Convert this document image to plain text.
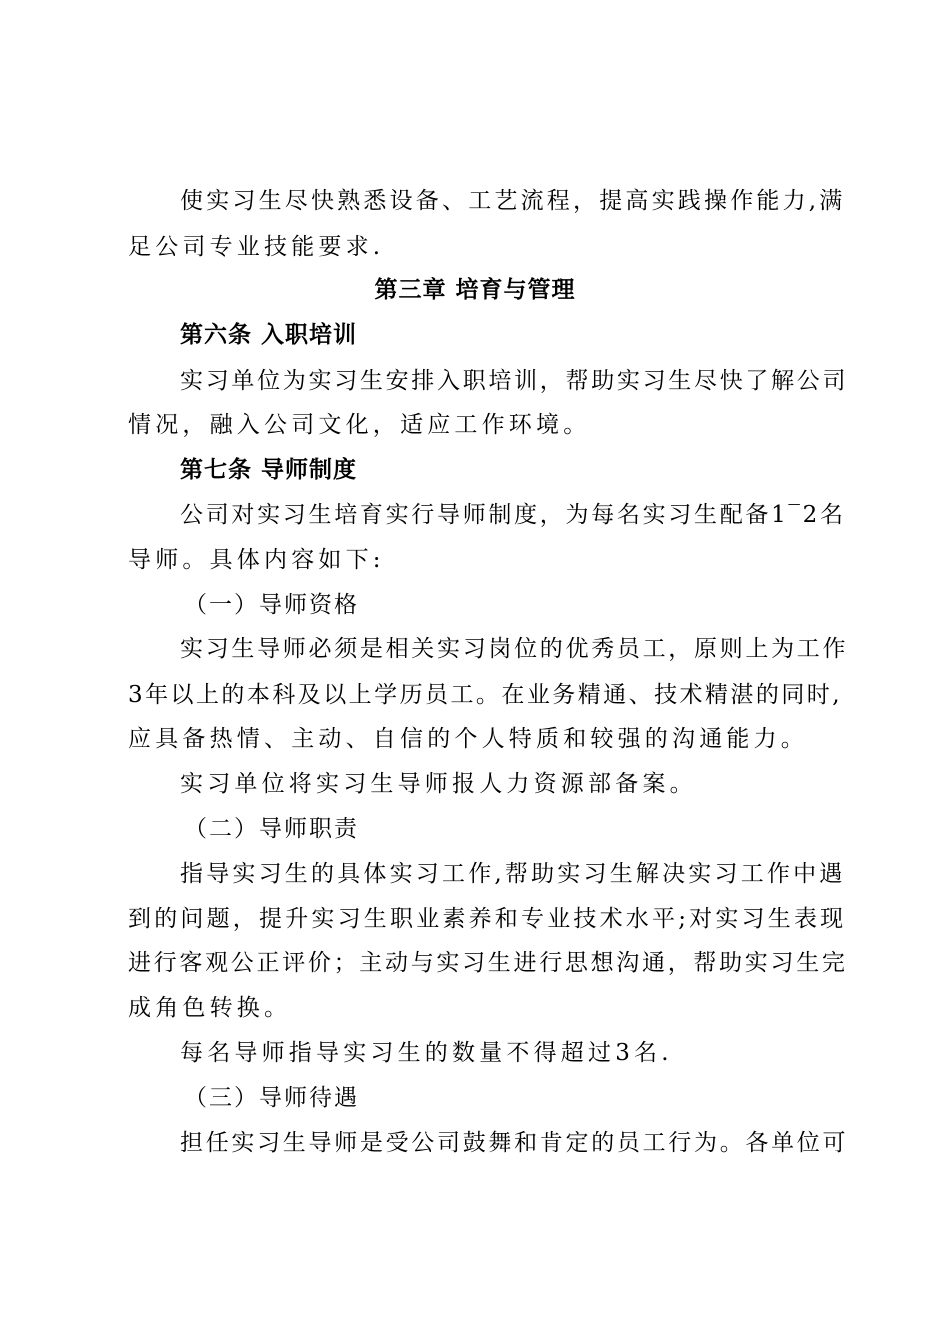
使实习生尽快熟悉设备、工艺流程，提高实践操作能力,满
足公司专业技能要求.
第三章 培育与管理
第六条 入职培训
实习单位为实习生安排入职培训，帮助实习生尽快了解公司
情况，融入公司文化，适应工作环境。
第七条 导师制度
公司对实习生培育实行导师制度，为每名实习生配备1‾2名
导师。具体内容如下:
（一）导师资格
实习生导师必须是相关实习岗位的优秀员工，原则上为工作
3年以上的本科及以上学历员工。在业务精通、技术精湛的同时,
应具备热情、主动、自信的个人特质和较强的沟通能力。
实习单位将实习生导师报人力资源部备案。
（二）导师职责
指导实习生的具体实习工作,帮助实习生解决实习工作中遇
到的问题，提升实习生职业素养和专业技术水平;对实习生表现
进行客观公正评价；主动与实习生进行思想沟通，帮助实习生完
成角色转换。
每名导师指导实习生的数量不得超过3名.
（三）导师待遇
担任实习生导师是受公司鼓舞和肯定的员工行为。各单位可
